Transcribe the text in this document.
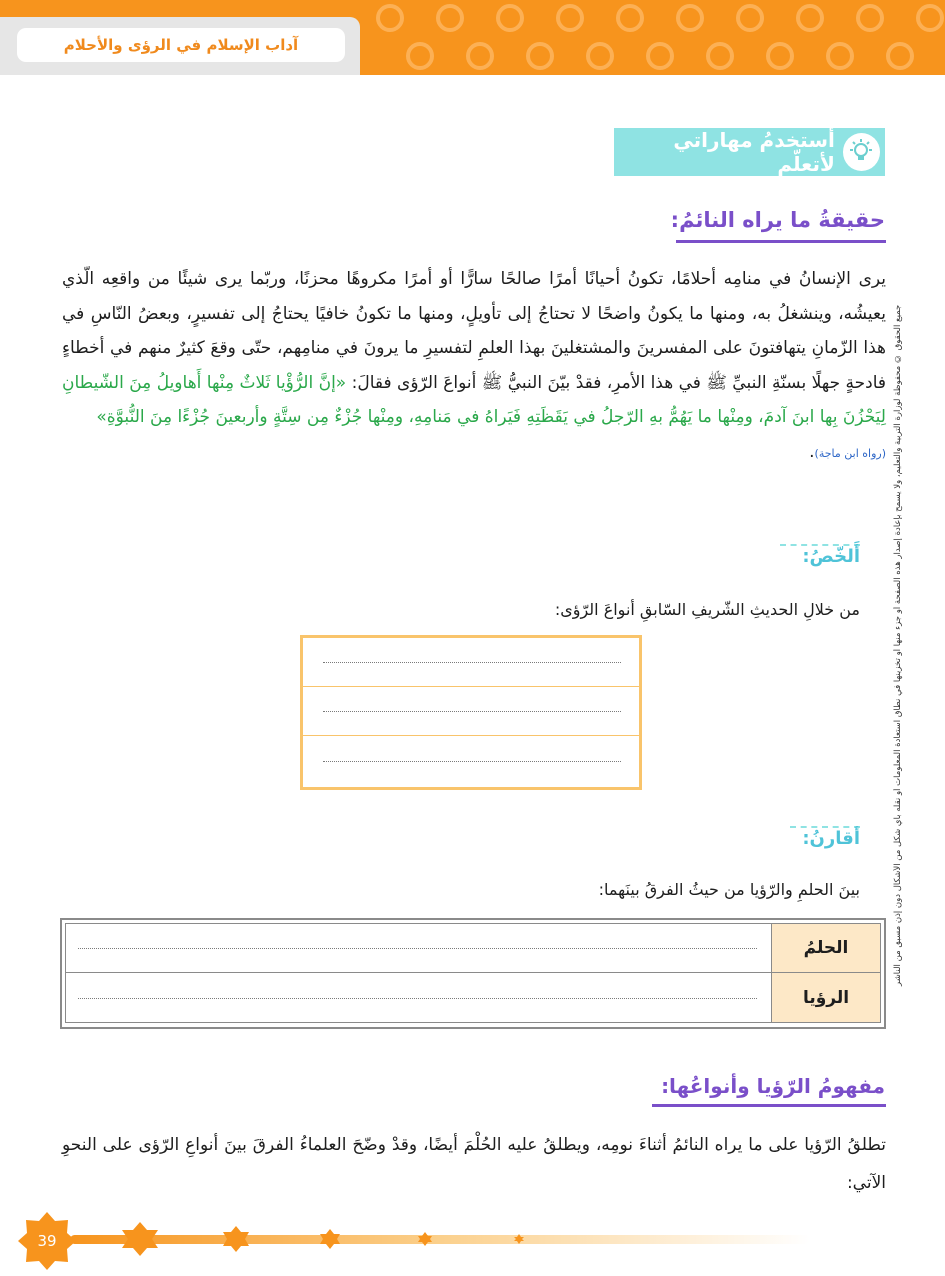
آداب الإسلام في الرؤى والأحلام
أستخدمُ مهاراتي لأتعلّم
حقيقةُ ما يراه النائمُ:
يرى الإنسانُ في منامِه أحلامًا، تكونُ أحيانًا أمرًا صالحًا سارًّا أو أمرًا مكروهًا محزنًا، وربّما يرى شيئًا من واقعِه الّذي يعيشُه، وينشغلُ به، ومنها ما يكونُ واضحًا لا تحتاجُ إلى تأويلٍ، ومنها ما تكونُ خافيًا يحتاجُ إلى تفسيرٍ، وبعضُ النّاسِ في هذا الزّمانِ يتهافتونَ على المفسرينَ والمشتغلينَ بهذا العلمِ لتفسيرِ ما يرونَ في منامِهم، حتّى وقعَ كثيرٌ منهم في أخطاءٍ فادحةٍ جهلًا بسنّةِ النبيِّ ﷺ في هذا الأمرِ، فقدْ بيّنَ النبيُّ ﷺ أنواعَ الرّؤى فقالَ: «إنَّ الرُّؤْيا ثَلاثٌ مِنْها أَهاويلُ مِنَ الشّيطانِ لِيَحْزُنَ بِها ابنَ آدمَ، ومِنْها ما يَهُمُّ بهِ الرّجلُ في يَقَظَتِهِ فَيَراهُ في مَنامِهِ، ومِنْها جُزْءٌ مِن سِتَّةٍ وأربعينَ جُزْءًا مِنَ النُّبوَّةِ»
(رواه ابن ماجة).
أَلخّصُ:
من خلالِ الحديثِ الشّريفِ السّابقِ أنواعَ الرّؤى:
أقارنُ:
بينَ الحلمِ والرّؤيا من حيثُ الفرقُ بينَهما:
الحلمُ
الرؤيا
مفهومُ الرّؤيا وأنواعُها:
تطلقُ الرّؤيا على ما يراه النائمُ أثناءَ نومِه، ويطلقُ عليه الحُلْمَ أيضًا، وقدْ وضّحَ العلماءُ الفرقَ بينَ أنواعِ الرّؤى على النحوِ الآتي:
جميع الحقوق © محفوظة لوزارة التربية والتعليم، ولا يسمح بإعادة إصدار هذه الصفحة أو جزء منها أو تخزينها في نطاق استعادة المعلومات أو نقله بأي شكل من الأشكال دون إذن مسبق من الناشر
39
